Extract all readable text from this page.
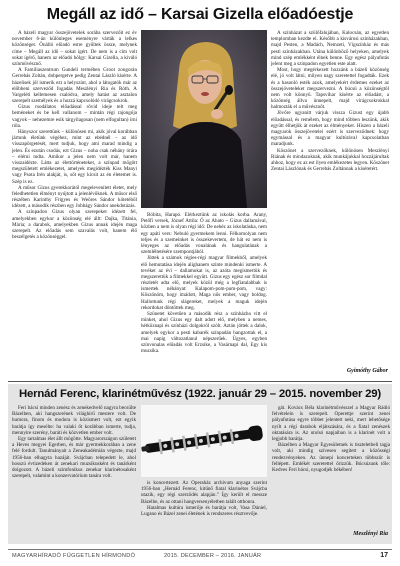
Megáll az idő – Karsai Gizella előadóestje

A bázeli magyar összejövetelek sorába szervezőit ez év november 6-án különleges eseményre várták a lelkes közönséget. Önálló előadó estre gyűltek össze, melynek címe – Megáll az idő – sokat ígért. De nem is a cím volt sokat ígérő, hanem az előadó hölgy: Karsai Gizella, a kiváló színművésznő.

A Famíliaszentrum Gundeli termében Groot zongorán Gerrebás Zoltán, dobpergetve pedig Zentai László kísérte. A bázelisek jól ismerik ezt a helyszínt, ahol a látogatók már az előbbeni szerveződ fogadás Meszlényi Ria és Róth. A Vargeléti kellemesen csalódva, amely hatást az asztalon szerepelt személyek és a hozzá kapcsolódó virágcsokrok.

Gizus csodálatos előadással rövid ideje telt meg beméneket és be kell vallanom – mintán régi rajongója vagyok – nehezemre esik tárgyilagosan (nem elfogultan) írni róla.

Hányszor szerettünk – különösen mi, akik jóval korábban jártunk életünk végéhez, mint az ebédnél – az idő visszapörgetését, mert tudjuk, hogy ami marad mindig a jelen. És ezután csodás, ezt Gizus – noha csak néhány órára – elérni tudta. Amikor a jelen nem volt már, hanem visszaidézte. Látta az élettörténeteket, a színpad mögött megszületett emlékezetet, amelyek megidézték Kiss Manyi vagy Psota Irén alakját, is, sőt egy kicsit az én életemet is. Szép is ez.

A műsor Gizus gyerekkorától megelevenített életet, mely feledhetetlen élményt nyújtott a jelenlévőknek. A műsor első részében Karinthy Frigyes és Weöres Sándor kötetéből idézett, a második részben egy Jobbágy Sándor anekdotázás.

A színpadon Gizus olyan szerepeket idézett fel, amelyekben egykor a közönség elé állt: Dajka, Titánia, Mária; a darabok, amelyekben Gizus annak idején maga szerepelt. Az előadás sem szavalás volt, hanem élő beszélgetés a közönséggel.

Bóbita, Harapó. Elérkeztünk az iskolás korba. Arany, Petőfi versek, József Attila: Ó az Ahato – Gizus dallamával, közben a nem is olyan régi idő: De nehéz az iskolatáska, nem egy apáti vers: Nebuló gyermekem lenni. Félkomolyan nem teljes és a szemeinket is összekevertem, de hát ez nem is lényeges az előadás vonalának és hangulatának a szemléltetésére szempontjából.

Jöttek a számok régies-régi magyar filmekből, amelyek elő hemutatása idején alighanem szinte mindenki ismerte. A tevéket az évi – dallamokat is, az azóta megismertük és megszerettük a filmekkel együtt. Gizus egy egész sor filmdal részletét adta elő, melyek közül még a legfiatalabbak is ismertek néhányat: Kalapom-pom-pom-pom, vagy: Köszönöm, hogy imádott, Maga nős ember, vagy boldog. Hallottunk régi slágereket, melyek a maguk idején rekordokat döntöttek meg.

Szünetet követően a második rész a színházba vitt el minket, ahol Gizus egy dalt adott elő, melyben a nemes, hétköznapi és színházi dolgokról szólt. Aztán jöttek a dalok, amelyek egykor a pesti kabarék színpadán hangzottak el, a mai napig változatlanul népszerűek. Ügyes, egyben színvonalas előadás volt Erzsike, a Vasárnapi dal, Egy kis muzsika.

A színházat a szülőfalujában, Kalocsán, az egyetlen templomban kezdte el. Később a kisvárosi színházakban, majd Pesten, a Madách, Nemzeti, Vígszínház és más pesti színházakban. Utána különböző helyeken, amelyek mind szép emlékként élnek benne. Egy egész pályafutás jelent meg a színpadon egyetlen este alatt.

Most, hogy megérkezett hozzánk a bázeli közönség elé, jó volt látni, milyen nagy szeretettel fogadták. Ezek és a hasonló esték azok, amelyekért érdemes ezeket az összejöveteleket megszervezni. A búcsú a közönségtől nem volt könnyű. Tapsvihar kísérte az előadást, a közönség állva ünnepelt, majd virágcsokrokkal halmozták el a művésznőt.

Jövőre ugyanitt várjuk vissza Gizust egy újabb előadással, és remélem, hogy mind többen leszünk, akik együtt élhetjük át ezeket az élményeket. Hiszen a bázeli magyarok összejövetelei ezért is szerveződnek: hogy egymással és a magyar kultúrával kapcsolatban maradjunk.

Köszönet a szervezőknek, különösen Meszlényi Riának és mindazoknak, akik munkájukkal hozzájárultak ahhoz, hogy ez az est ilyen emlékezetes legyen. Köszönet Zentai Lászlónak és Gerrebás Zoltánnak a kíséretért.

Gyimóthy Gábor
Hernád Ferenc, klarinétművész (1922. január 29 – 2015. november 29)

Feri bácsi minden zenész és zenekedvelő nagyra becsülte Bázelben, aki hangszerének világhírű mestere volt. De humora, finom és modora is közismert volt, ezt egyik barátja így mesélte: ha valaki őt korábban ismerte, tudja, mennyire szerény, baráti és közvetlen ember volt.

Egy tartalmas élet állt mögötte. Magyarországon született a Heves megyei Egerben, és már gyermekkorában a zene felé fordult. Tanulmányait a Zeneakadémián végezte, majd 1956-ban elhagyta hazáját. Svájcban telepedett le, ahol hosszú évtizedeken át zenekari muzsikusként és tanárként dolgozott. A bázeli szimfonikus zenekar klarinétosaként szerepelt, valamint a konzervatórium tanára volt.

is koncertezett. Az Operaház archívum anyaga szerint 1956-ban „Hernád Ferenc, kitűnő fiatal klarinétos Svájcba utazik, egy régi szerződés alapján.” Így került el messze Bázelbe, és az ottani hangversenyéletben talált otthonra.

Hatalmas kultúra ismerője és barátja volt, Vasa Dániel, Lugano és Bázel zenei életének is rendszeres résztvevője.

gát. Kovács Béla klarinétművésszel a Magyar Rádió felvételein is szerepelt. Operettje szerint zenei pályafutása egyre többet jelentett neki, mert lehetősége nyílt a régi darabok eljátszására, és a fiatal zenészek oktatására is. Az utolsó napjaiban is a klarinét volt a legjobb barátja.

Bázelben a Magyar Egyesületnek is tiszteletbeli tagja volt, aki mindig szívesen segített a közösségi rendezvényeken. Az ünnepi koncerteken többször is fellépett. Emlékét szeretettel őrizzük. Búcsúzunk tőle: Kedves Feri bácsi, nyugodjék békében!

Meszlényi Ria
MAGYARHÍRADÓ FÜGGETLEN HÍRMONDÓ	2015. DECEMBER – 2016. JANUÁR	17
